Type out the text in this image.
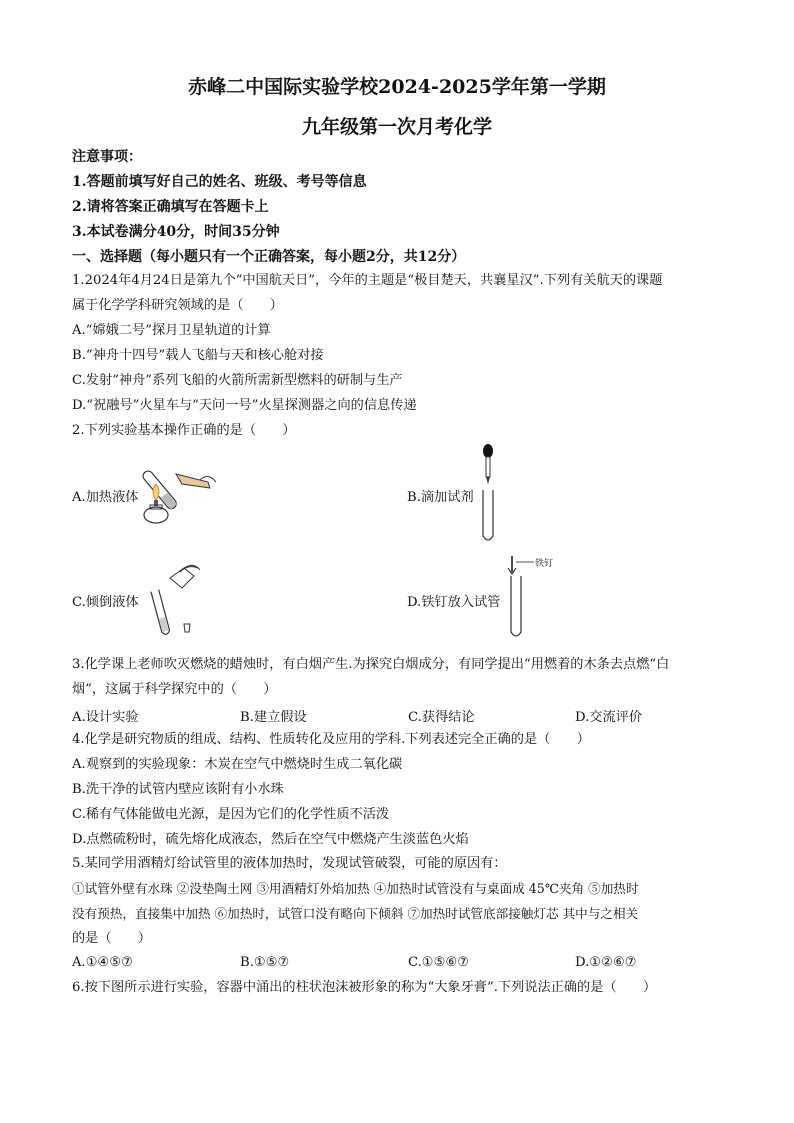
赤峰二中国际实验学校2024-2025学年第一学期
九年级第一次月考化学
注意事项：
1.答题前填写好自己的姓名、班级、考号等信息
2.请将答案正确填写在答题卡上
3.本试卷满分40分，时间35分钟
一、选择题（每小题只有一个正确答案，每小题2分，共12分）
1.2024年4月24日是第九个“中国航天日”，今年的主题是“极目楚天，共襄星汉”.下列有关航天的课题
属于化学学科研究领域的是（　　）
A.“嫦娥二号”探月卫星轨道的计算
B.“神舟十四号”载人飞船与天和核心舱对接
C.发射“神舟”系列飞船的火箭所需新型燃料的研制与生产
D.“祝融号”火星车与“天问一号”火星探测器之向的信息传递
2.下列实验基本操作正确的是（　　）
A.加热液体	B.滴加试剂
C.倾倒液体	D.铁钉放入试管
铁钉
3.化学课上老师吹灭燃烧的蜡烛时，有白烟产生.为探究白烟成分，有同学提出“用燃着的木条去点燃“白
烟”，这属于科学探究中的（　　）
A.设计实验	B.建立假设	C.获得结论	D.交流评价
4.化学是研究物质的组成、结构、性质转化及应用的学科.下列表述完全正确的是（　　）
A.观察到的实验现象：木炭在空气中燃烧时生成二氧化碳
B.洗干净的试管内壁应该附有小水珠
C.稀有气体能做电光源，是因为它们的化学性质不活泼
D.点燃硫粉时，硫先熔化成液态，然后在空气中燃烧产生淡蓝色火焰
5.某同学用酒精灯给试管里的液体加热时，发现试管破裂，可能的原因有：
①试管外壁有水珠 ②没垫陶土网 ③用酒精灯外焰加热 ④加热时试管没有与桌面成 45℃夹角 ⑤加热时
没有预热，直接集中加热 ⑥加热时，试管口没有略向下倾斜 ⑦加热时试管底部接触灯芯 其中与之相关
的是（　　）
A.①④⑤⑦	B.①⑤⑦	C.①⑤⑥⑦	D.①②⑥⑦
6.按下图所示进行实验，容器中涌出的柱状泡沫被形象的称为“大象牙膏”.下列说法正确的是（　　）
